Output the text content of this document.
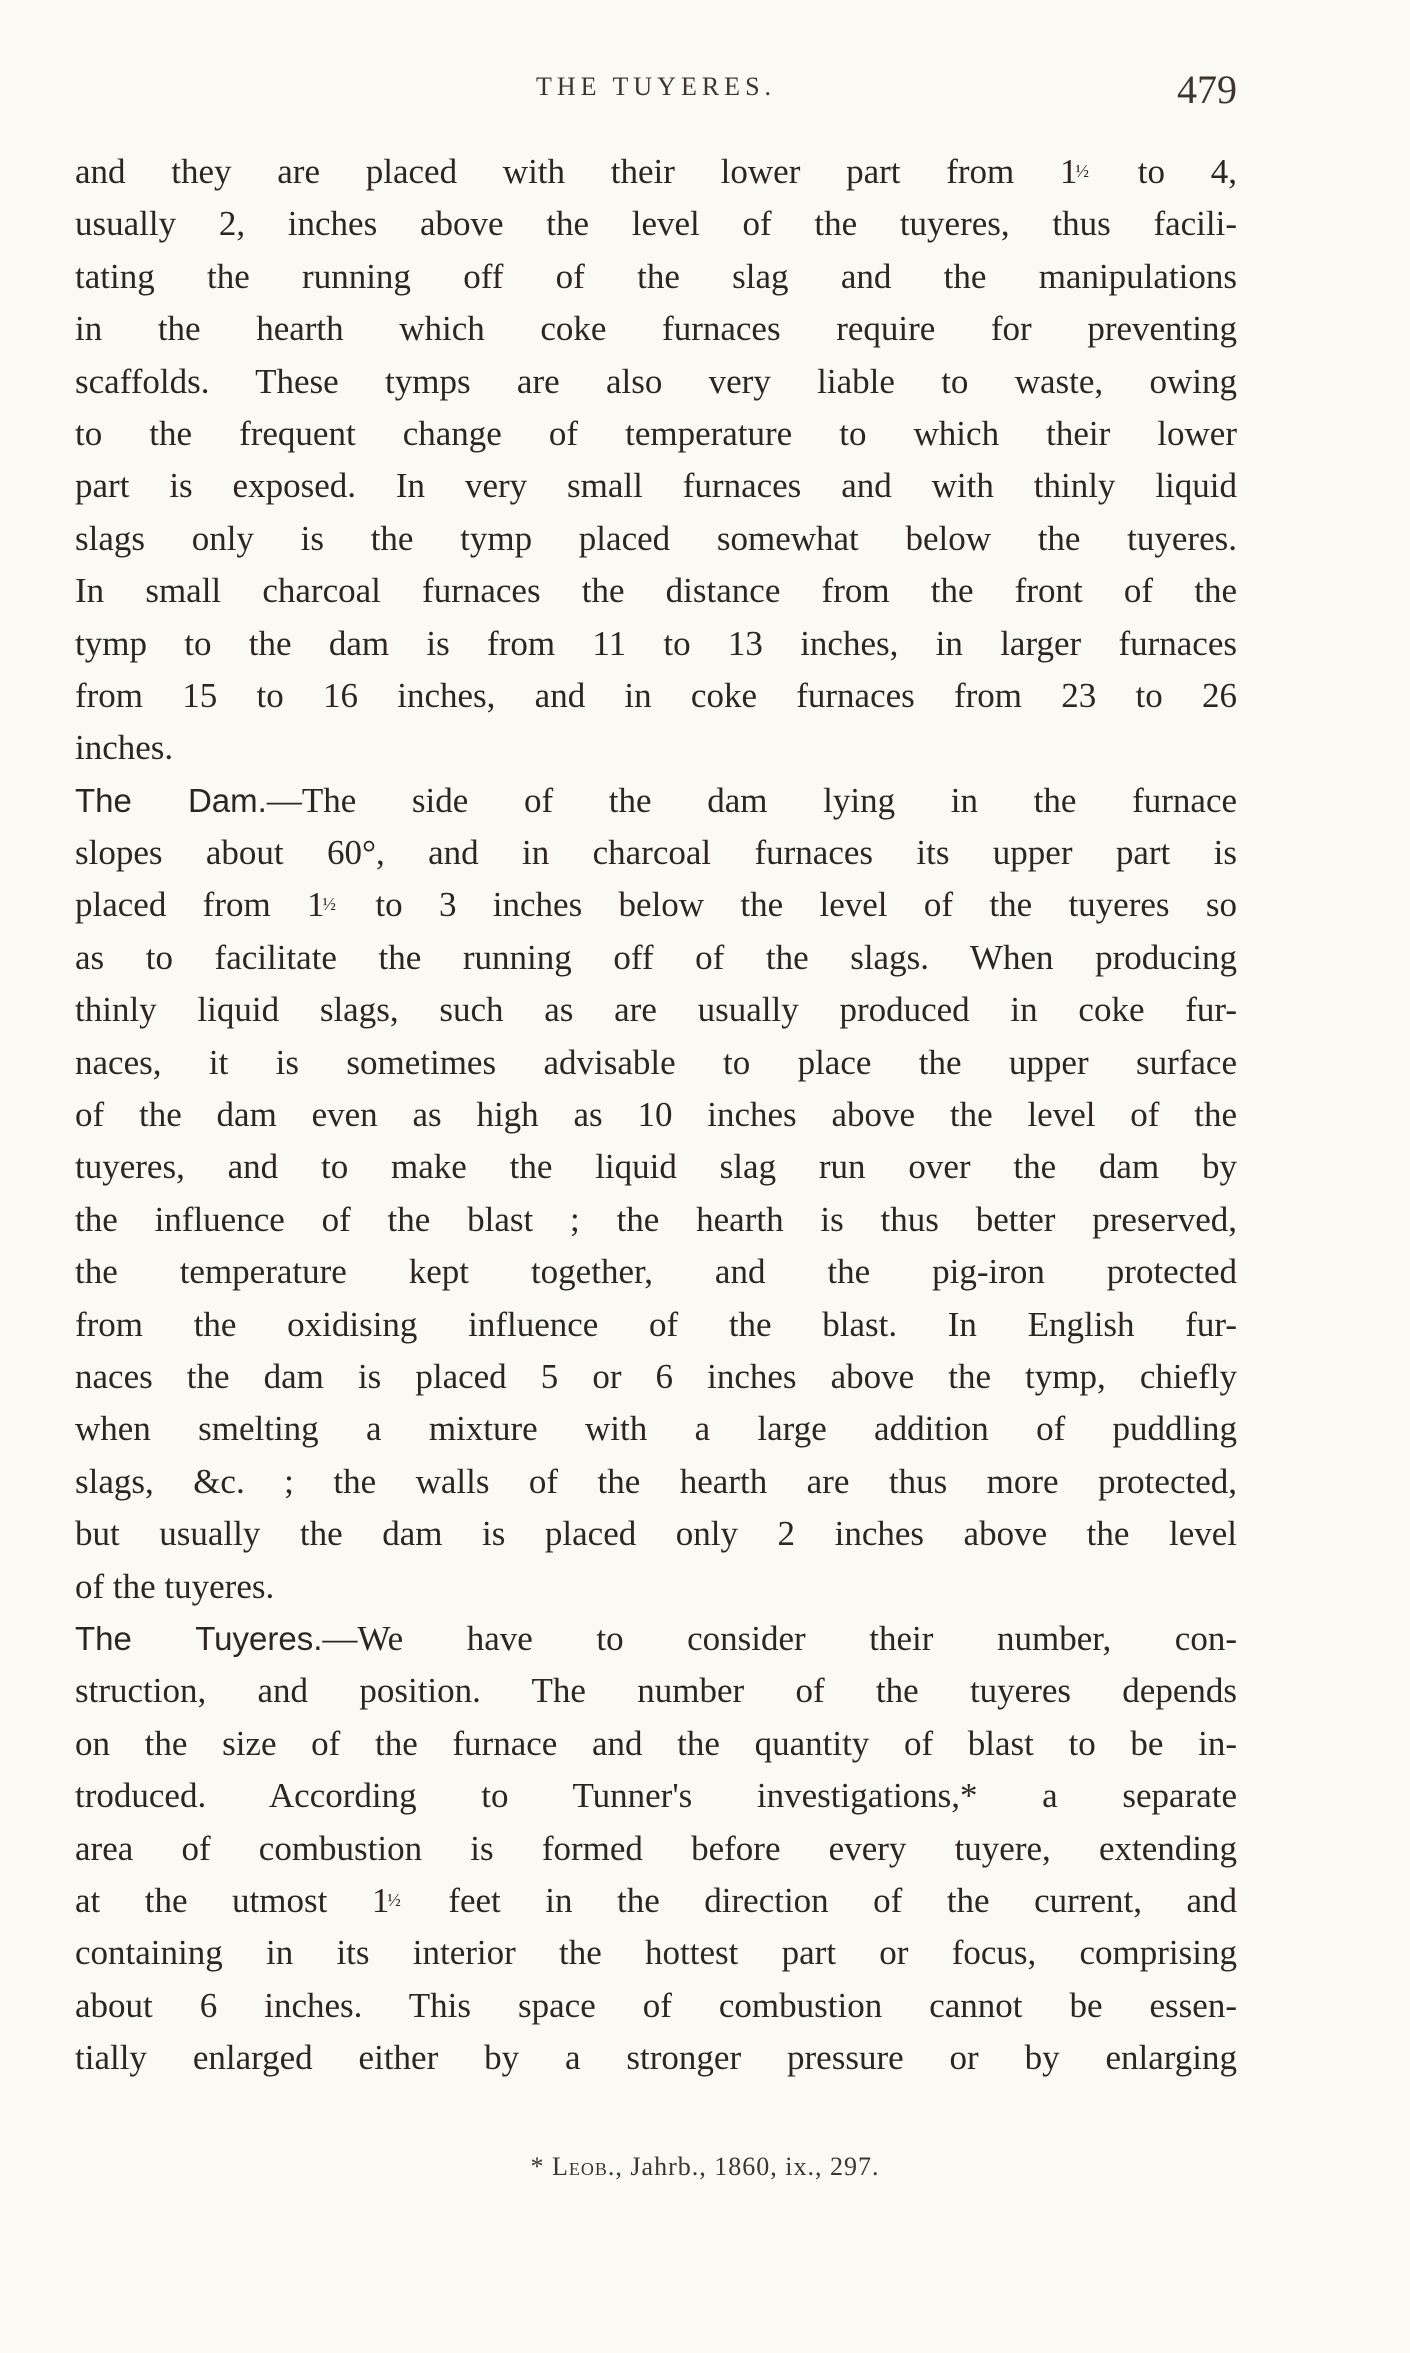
THE TUYERES.	479
and they are placed with their lower part from 1½ to 4,
usually 2, inches above the level of the tuyeres, thus facili-
tating the running off of the slag and the manipulations
in the hearth which coke furnaces require for preventing
scaffolds. These tymps are also very liable to waste, owing
to the frequent change of temperature to which their lower
part is exposed. In very small furnaces and with thinly liquid
slags only is the tymp placed somewhat below the tuyeres.
In small charcoal furnaces the distance from the front of the
tymp to the dam is from 11 to 13 inches, in larger furnaces
from 15 to 16 inches, and in coke furnaces from 23 to 26
inches.
The Dam.—The side of the dam lying in the furnace
slopes about 60°, and in charcoal furnaces its upper part is
placed from 1½ to 3 inches below the level of the tuyeres so
as to facilitate the running off of the slags. When producing
thinly liquid slags, such as are usually produced in coke fur-
naces, it is sometimes advisable to place the upper surface
of the dam even as high as 10 inches above the level of the
tuyeres, and to make the liquid slag run over the dam by
the influence of the blast ; the hearth is thus better preserved,
the temperature kept together, and the pig-iron protected
from the oxidising influence of the blast. In English fur-
naces the dam is placed 5 or 6 inches above the tymp, chiefly
when smelting a mixture with a large addition of puddling
slags, &c. ; the walls of the hearth are thus more protected,
but usually the dam is placed only 2 inches above the level
of the tuyeres.
The Tuyeres.—We have to consider their number, con-
struction, and position. The number of the tuyeres depends
on the size of the furnace and the quantity of blast to be in-
troduced. According to Tunner's investigations,* a separate
area of combustion is formed before every tuyere, extending
at the utmost 1½ feet in the direction of the current, and
containing in its interior the hottest part or focus, comprising
about 6 inches. This space of combustion cannot be essen-
tially enlarged either by a stronger pressure or by enlarging
* Leob., Jahrb., 1860, ix., 297.
